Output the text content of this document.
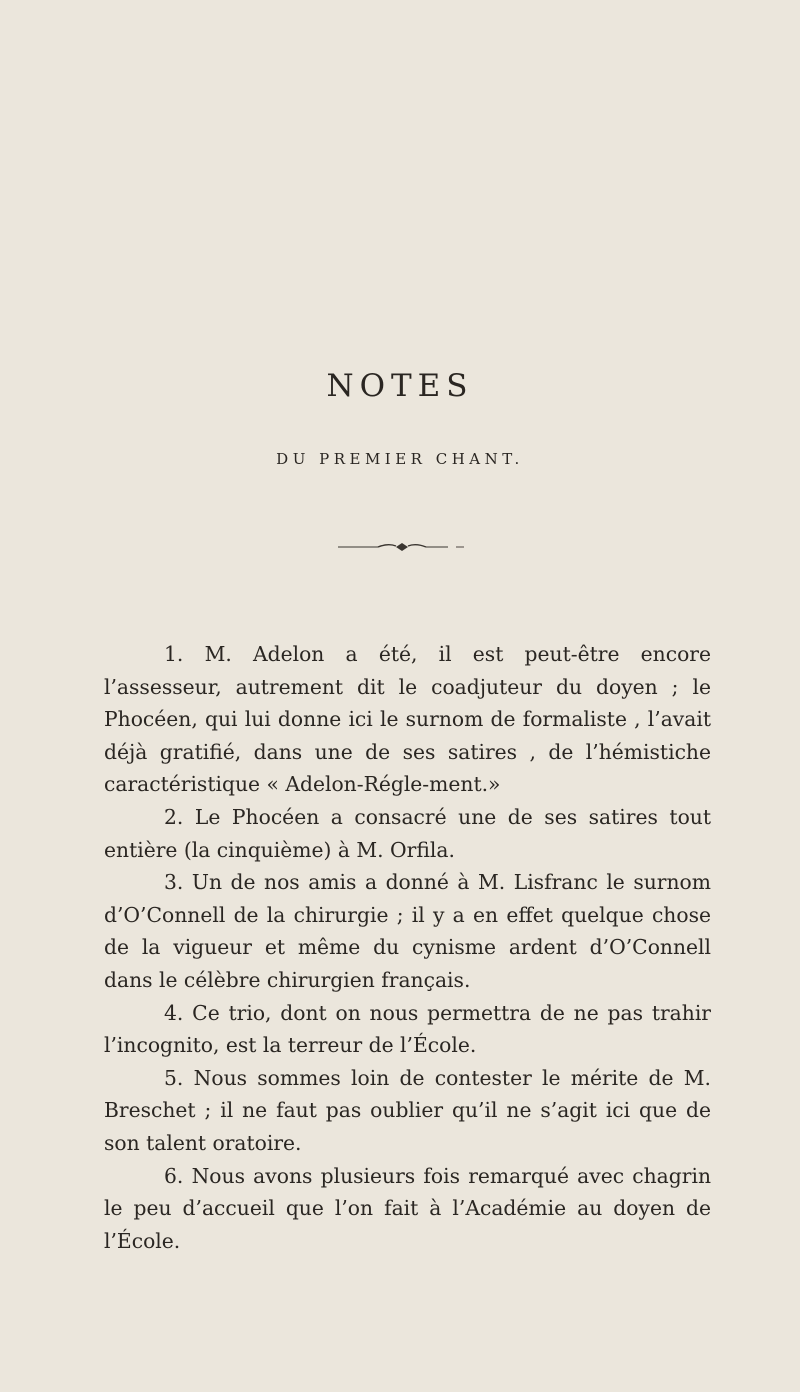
NOTES
DU PREMIER CHANT.

1. M. Adelon a été, il est peut-être encore l’assesseur, autrement dit le coadjuteur du doyen ; le Phocéen, qui lui donne ici le surnom de formaliste , l’avait déjà gratifié, dans une de ses satires , de l’hémistiche caractéristique « Adelon-Régle-ment.»

2. Le Phocéen a consacré une de ses satires tout entière (la cinquième) à M. Orfila.

3. Un de nos amis a donné à M. Lisfranc le surnom d’O’Connell de la chirurgie ; il y a en effet quelque chose de la vigueur et même du cynisme ardent d’O’Connell dans le célèbre chirurgien français.

4. Ce trio, dont on nous permettra de ne pas trahir l’incognito, est la terreur de l’École.

5. Nous sommes loin de contester le mérite de M. Breschet ; il ne faut pas oublier qu’il ne s’agit ici que de son talent oratoire.

6. Nous avons plusieurs fois remarqué avec chagrin le peu d’accueil que l’on fait à l’Académie au doyen de l’École.
